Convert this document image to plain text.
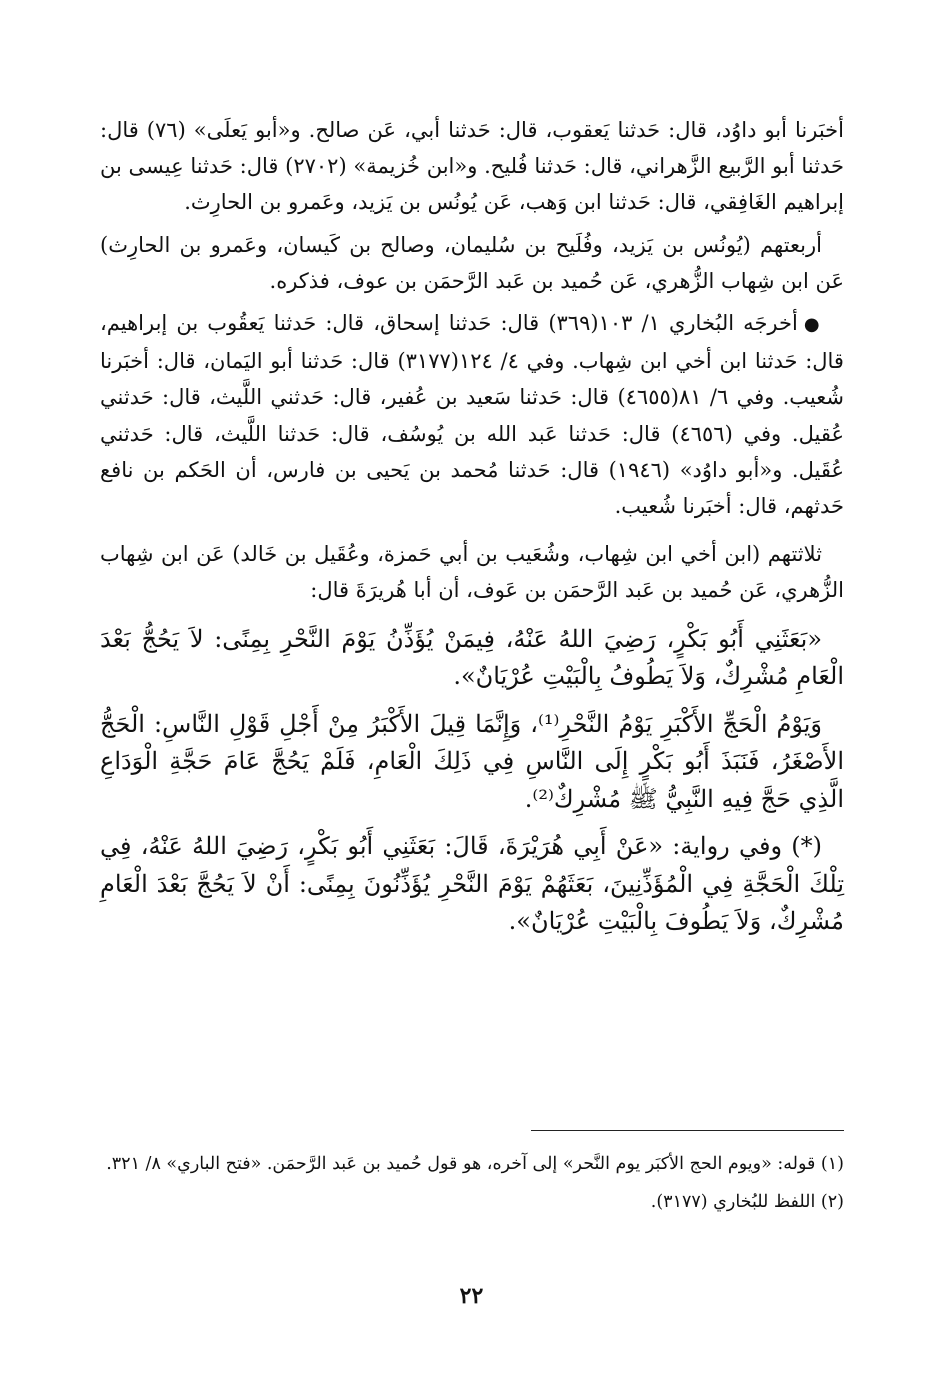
أخبَرنا أبو داوُد، قال: حَدثنا يَعقوب، قال: حَدثنا أبي، عَن صالح. و«أبو يَعلَى» (٧٦) قال: حَدثنا أبو الرَّبيع الزَّهراني، قال: حَدثنا فُليح. و«ابن خُزيمة» (٢٧٠٢) قال: حَدثنا عِيسى بن إبراهيم الغَافِقي، قال: حَدثنا ابن وَهب، عَن يُونُس بن يَزيد، وعَمرو بن الحارِث.

أربعتهم (يُونُس بن يَزيد، وفُلَيح بن سُليمان، وصالح بن كَيسان، وعَمرو بن الحارِث) عَن ابن شِهاب الزُّهري، عَن حُميد بن عَبد الرَّحمَن بن عوف، فذكره.

●أخرجَه البُخاري ١/ ١٠٣(٣٦٩) قال: حَدثنا إسحاق، قال: حَدثنا يَعقُوب بن إبراهيم، قال: حَدثنا ابن أخي ابن شِهاب. وفي ٤/ ١٢٤(٣١٧٧) قال: حَدثنا أبو اليَمان، قال: أخبَرنا شُعيب. وفي ٦/ ٨١(٤٦٥٥) قال: حَدثنا سَعيد بن عُفير، قال: حَدثني اللَّيث، قال: حَدثني عُقيل. وفي (٤٦٥٦) قال: حَدثنا عَبد الله بن يُوسُف، قال: حَدثنا اللَّيث، قال: حَدثني عُقَيل. و«أبو داوُد» (١٩٤٦) قال: حَدثنا مُحمد بن يَحيى بن فارس، أن الحَكم بن نافع حَدثهم، قال: أخبَرنا شُعيب.

ثلاثتهم (ابن أخي ابن شِهاب، وشُعَيب بن أبي حَمزة، وعُقَيل بن خَالد) عَن ابن شِهاب الزُّهري، عَن حُميد بن عَبد الرَّحمَن بن عَوف، أن أبا هُريرَةَ قال:

«بَعَثَنِي أَبُو بَكْرٍ، رَضِيَ اللهُ عَنْهُ، فِيمَنْ يُؤَذِّنُ يَوْمَ النَّحْرِ بِمِنًى: لاَ يَحُجُّ بَعْدَ الْعَامِ مُشْرِكٌ، وَلاَ يَطُوفُ بِالْبَيْتِ عُرْيَانٌ».

وَيَوْمُ الْحَجِّ الأَكْبَرِ يَوْمُ النَّحْرِ⁽¹⁾، وَإِنَّمَا قِيلَ الأَكْبَرُ مِنْ أَجْلِ قَوْلِ النَّاسِ: الْحَجُّ الأَصْغَرُ، فَنَبَذَ أَبُو بَكْرٍ إِلَى النَّاسِ فِي ذَلِكَ الْعَامِ، فَلَمْ يَحُجَّ عَامَ حَجَّةِ الْوَدَاعِ الَّذِي حَجَّ فِيهِ النَّبِيُّ ﷺ مُشْرِكٌ⁽²⁾.

(*) وفي رواية: «عَنْ أَبِي هُرَيْرَةَ، قَالَ: بَعَثَنِي أَبُو بَكْرٍ، رَضِيَ اللهُ عَنْهُ، فِي تِلْكَ الْحَجَّةِ فِي الْمُؤَذِّنِينَ، بَعَثَهُمْ يَوْمَ النَّحْرِ يُؤَذِّنُونَ بِمِنًى: أَنْ لاَ يَحُجَّ بَعْدَ الْعَامِ مُشْرِكٌ، وَلاَ يَطُوفَ بِالْبَيْتِ عُرْيَانٌ».

(١) قوله: «ويوم الحج الأكبَر يوم النَّحر» إلى آخره، هو قول حُميد بن عَبد الرَّحمَن. «فتح الباري» ٨/ ٣٢١.

(٢) اللفظ للبُخاري (٣١٧٧).

٢٢
